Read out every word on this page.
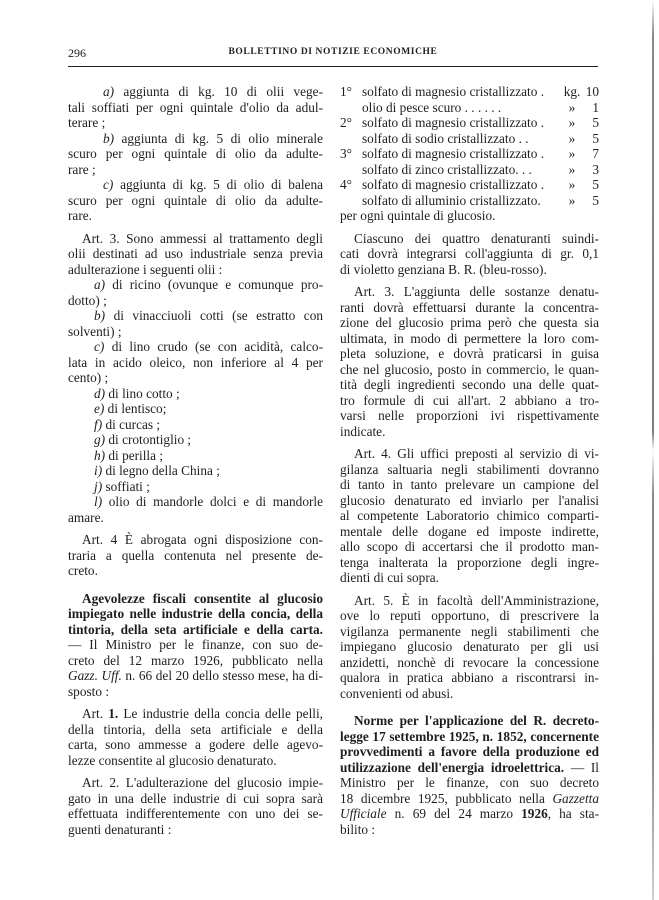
296	BOLLETTINO DI NOTIZIE ECONOMICHE
a) aggiunta di kg. 10 di olii vege-
tali soffiati per ogni quintale d'olio da adul-
terare ;
b) aggiunta di kg. 5 di olio minerale
scuro per ogni quintale di olio da adulte-
rare ;
c) aggiunta di kg. 5 di olio di balena
scuro per ogni quintale di olio da adulte-
rare.
Art. 3. Sono ammessi al trattamento degli
olii destinati ad uso industriale senza previa
adulterazione i seguenti olii :
a) di ricino (ovunque e comunque pro-
dotto) ;
b) di vinacciuoli cotti (se estratto con
solventi) ;
c) di lino crudo (se con acidità, calco-
lata in acido oleico, non inferiore al 4 per
cento) ;
d) di lino cotto ;
e) di lentisco;
f) di curcas ;
g) di crotontiglio ;
h) di perilla ;
i) di legno della China ;
j) soffiati ;
l) olio di mandorle dolci e di mandorle
amare.
Art. 4 È abrogata ogni disposizione con-
traria a quella contenuta nel presente de-
creto.
Agevolezze fiscali consentite al glucosio
impiegato nelle industrie della concia, della
tintoria, della seta artificiale e della carta.
— Il Ministro per le finanze, con suo de-
creto del 12 marzo 1926, pubblicato nella
Gazz. Uff. n. 66 del 20 dello stesso mese, ha di-
sposto :
Art. 1. Le industrie della concia delle pelli,
della tintoria, della seta artificiale e della
carta, sono ammesse a godere delle agevo-
lezze consentite al glucosio denaturato.
Art. 2. L'adulterazione del glucosio impie-
gato in una delle industrie di cui sopra sarà
effettuata indifferentemente con uno dei se-
guenti denaturanti :
1° solfato di magnesio cristallizzato .	kg. 10
olio di pesce scuro . . . . . .	»	1
2° solfato di magnesio cristallizzato .	»	5
solfato di sodio cristallizzato . .	»	5
3° solfato di magnesio cristallizzato .	»	7
solfato di zinco cristallizzato. . .	»	3
4° solfato di magnesio cristallizzato .	»	5
solfato di alluminio cristallizzato.	»	5
per ogni quintale di glucosio.
Ciascuno dei quattro denaturanti suindi-
cati dovrà integrarsi coll'aggiunta di gr. 0,1
di violetto genziana B. R. (bleu-rosso).
Art. 3. L'aggiunta delle sostanze denatu-
ranti dovrà effettuarsi durante la concentra-
zione del glucosio prima però che questa sia
ultimata, in modo di permettere la loro com-
pleta soluzione, e dovrà praticarsi in guisa
che nel glucosio, posto in commercio, le quan-
tità degli ingredienti secondo una delle quat-
tro formule di cui all'art. 2 abbiano a tro-
varsi nelle proporzioni ivi rispettivamente
indicate.
Art. 4. Gli uffici preposti al servizio di vi-
gilanza saltuaria negli stabilimenti dovranno
di tanto in tanto prelevare un campione del
glucosio denaturato ed inviarlo per l'analisi
al competente Laboratorio chimico comparti-
mentale delle dogane ed imposte indirette,
allo scopo di accertarsi che il prodotto man-
tenga inalterata la proporzione degli ingre-
dienti di cui sopra.
Art. 5. È in facoltà dell'Amministrazione,
ove lo reputi opportuno, di prescrivere la
vigilanza permanente negli stabilimenti che
impiegano glucosio denaturato per gli usi
anzidetti, nonchè di revocare la concessione
qualora in pratica abbiano a riscontrarsi in-
convenienti od abusi.
Norme per l'applicazione del R. decreto-
legge 17 settembre 1925, n. 1852, concernente
provvedimenti a favore della produzione ed
utilizzazione dell'energia idroelettrica. — Il
Ministro per le finanze, con suo decreto
18 dicembre 1925, pubblicato nella Gazzetta
Ufficiale n. 69 del 24 marzo 1926, ha sta-
bilito :
